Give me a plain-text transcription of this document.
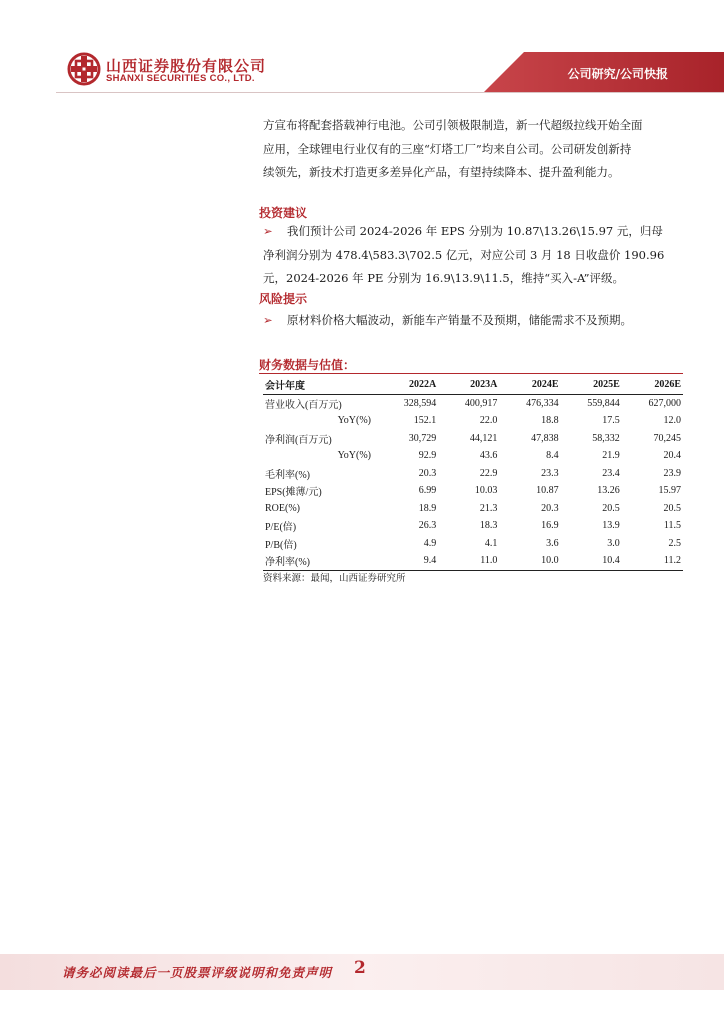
山西证券股份有限公司
SHANXI SECURITIES CO., LTD.	公司研究/公司快报
方宣布将配套搭载神行电池。公司引领极限制造，新一代超级拉线开始全面
应用，全球锂电行业仅有的三座“灯塔工厂”均来自公司。公司研发创新持
续领先，新技术打造更多差异化产品，有望持续降本、提升盈利能力。
投资建议
➢ 我们预计公司 2024-2026 年 EPS 分别为 10.87\13.26\15.97 元，归母
净利润分别为 478.4\583.3\702.5 亿元，对应公司 3 月 18 日收盘价 190.96
元，2024-2026 年 PE 分别为 16.9\13.9\11.5，维持“买入-A”评级。
风险提示
➢ 原材料价格大幅波动，新能车产销量不及预期，储能需求不及预期。
财务数据与估值：
会计年度	2022A	2023A	2024E	2025E	2026E
营业收入(百万元)	328,594	400,917	476,334	559,844	627,000
YoY(%)	152.1	22.0	18.8	17.5	12.0
净利润(百万元)	30,729	44,121	47,838	58,332	70,245
YoY(%)	92.9	43.6	8.4	21.9	20.4
毛利率(%)	20.3	22.9	23.3	23.4	23.9
EPS(摊薄/元)	6.99	10.03	10.87	13.26	15.97
ROE(%)	18.9	21.3	20.3	20.5	20.5
P/E(倍)	26.3	18.3	16.9	13.9	11.5
P/B(倍)	4.9	4.1	3.6	3.0	2.5
净利率(%)	9.4	11.0	10.0	10.4	11.2
资料来源：最闻，山西证券研究所
请务必阅读最后一页股票评级说明和免责声明 2
